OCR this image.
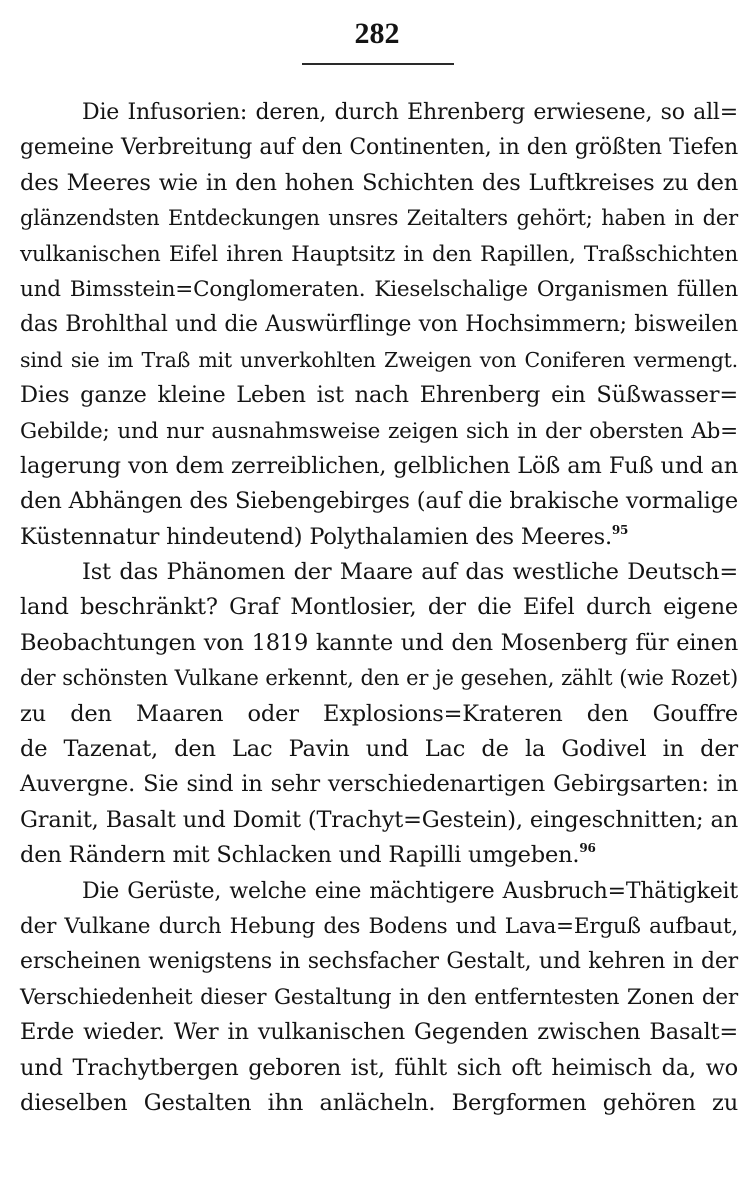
282
Die Infusorien: deren, durch Ehrenberg erwiesene, so all=
gemeine Verbreitung auf den Continenten, in den größten Tiefen
des Meeres wie in den hohen Schichten des Luftkreises zu den
glänzendsten Entdeckungen unsres Zeitalters gehört; haben in der
vulkanischen Eifel ihren Hauptsitz in den Rapillen, Traßschichten
und Bimsstein=Conglomeraten. Kieselschalige Organismen füllen
das Brohlthal und die Auswürflinge von Hochsimmern; bisweilen
sind sie im Traß mit unverkohlten Zweigen von Coniferen vermengt.
Dies ganze kleine Leben ist nach Ehrenberg ein Süßwasser=
Gebilde; und nur ausnahmsweise zeigen sich in der obersten Ab=
lagerung von dem zerreiblichen, gelblichen Löß am Fuß und an
den Abhängen des Siebengebirges (auf die brakische vormalige
Küstennatur hindeutend) Polythalamien des Meeres.$^{95}$
Ist das Phänomen der Maare auf das westliche Deutsch=
land beschränkt? Graf Montlosier, der die Eifel durch eigene
Beobachtungen von 1819 kannte und den Mosenberg für einen
der schönsten Vulkane erkennt, den er je gesehen, zählt (wie Rozet)
zu den Maaren oder Explosions=Krateren den Gouffre
de Tazenat, den Lac Pavin und Lac de la Godivel in der
Auvergne. Sie sind in sehr verschiedenartigen Gebirgsarten: in
Granit, Basalt und Domit (Trachyt=Gestein), eingeschnitten; an
den Rändern mit Schlacken und Rapilli umgeben.$^{96}$
Die Gerüste, welche eine mächtigere Ausbruch=Thätigkeit
der Vulkane durch Hebung des Bodens und Lava=Erguß aufbaut,
erscheinen wenigstens in sechsfacher Gestalt, und kehren in der
Verschiedenheit dieser Gestaltung in den entferntesten Zonen der
Erde wieder. Wer in vulkanischen Gegenden zwischen Basalt=
und Trachytbergen geboren ist, fühlt sich oft heimisch da, wo
dieselben Gestalten ihn anlächeln. Bergformen gehören zu
